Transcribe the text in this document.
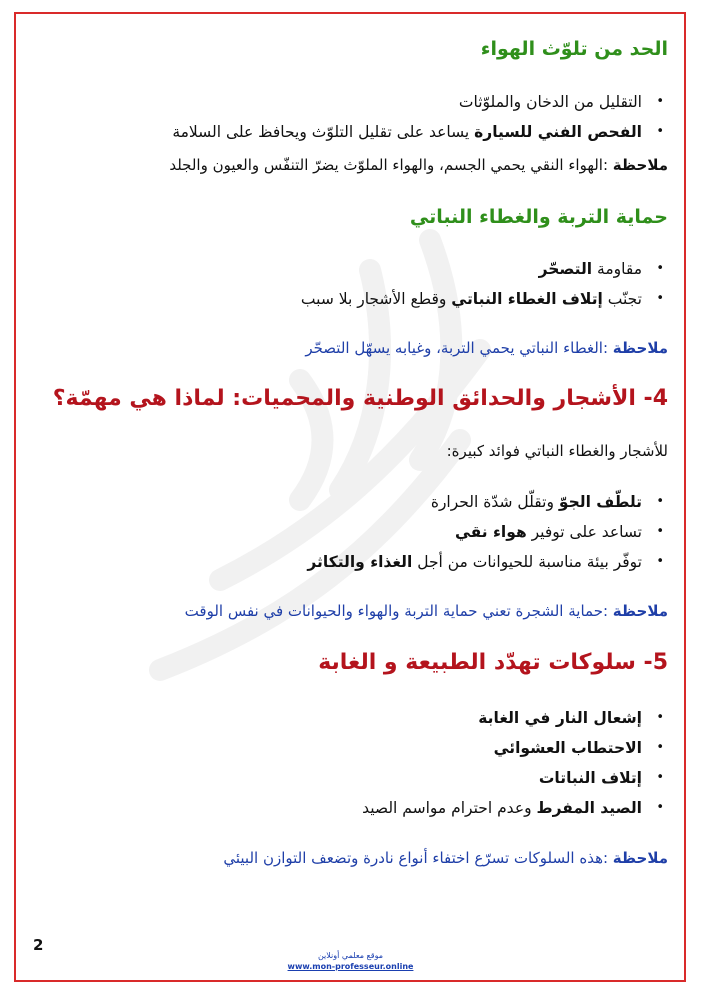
الحد من تلوّث الهواء
•
التقليل من الدخان والملوّثات
•
الفحص الفني للسيارة يساعد على تقليل التلوّث ويحافظ على السلامة
ملاحظة :الهواء النقي يحمي الجسم، والهواء الملوّث يضرّ التنفّس والعيون والجلد
حماية التربة والغطاء النباتي
•
مقاومة التصحّر
•
تجنّب إتلاف الغطاء النباتي وقطع الأشجار بلا سبب
ملاحظة :الغطاء النباتي يحمي التربة، وغيابه يسهّل التصحّر
4- الأشجار والحدائق الوطنية والمحميات: لماذا هي مهمّة؟
للأشجار والغطاء النباتي فوائد كبيرة:
•
تلطّف الجوّ وتقلّل شدّة الحرارة
•
تساعد على توفير هواء نقي
•
توفّر بيئة مناسبة للحيوانات من أجل الغذاء والتكاثر
ملاحظة :حماية الشجرة تعني حماية التربة والهواء والحيوانات في نفس الوقت
5- سلوكات تهدّد الطبيعة و الغابة
•
إشعال النار في الغابة
•
الاحتطاب العشوائي
•
إتلاف النباتات
•
الصيد المفرط وعدم احترام مواسم الصيد
ملاحظة :هذه السلوكات تسرّع اختفاء أنواع نادرة وتضعف التوازن البيئي
2
موقع معلمي أونلاين
www.mon-professeur.online
